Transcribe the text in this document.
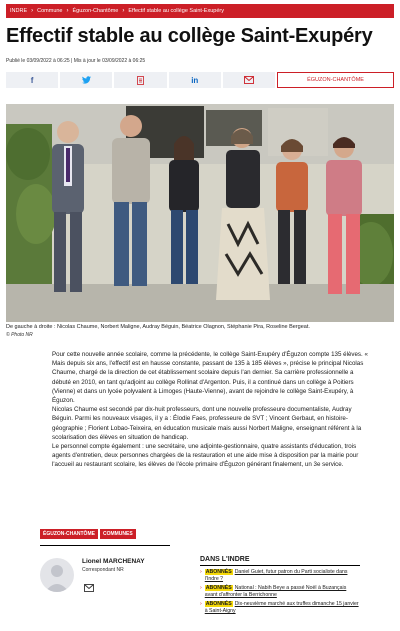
INDRE › Commune › Éguzon-Chantôme › Effectif stable au collège Saint-Exupéry
Effectif stable au collège Saint-Exupéry
Publié le 03/09/2022 à 06:25 | Mis à jour le 03/09/2022 à 06:25
f	in	ÉGUZON-CHANTÔME
De gauche à droite : Nicolas Chaume, Norbert Maligne, Audray Béguin, Béatrice Olagnon, Stéphanie Pira, Roseline Bergeat.
© Photo NR

Pour cette nouvelle année scolaire, comme la précédente, le collège Saint-Exupéry d'Éguzon compte 135 élèves. « Mais depuis six ans, l'effectif est en hausse constante, passant de 135 à 185 élèves », précise le principal Nicolas Chaume, chargé de la direction de cet établissement scolaire depuis l'an dernier. Sa carrière professionnelle a débuté en 2010, en tant qu'adjoint au collège Rollinat d'Argenton. Puis, il a continué dans un collège à Poitiers (Vienne) et dans un lycée polyvalent à Limoges (Haute-Vienne), avant de rejoindre le collège Saint-Exupéry, à Éguzon.

Nicolas Chaume est secondé par dix-huit professeurs, dont une nouvelle professeure documentaliste, Audray Béguin. Parmi les nouveaux visages, il y a : Élodie Faes, professeure de SVT ; Vincent Gerbaut, en histoire-géographie ; Florient Lobao-Teixeira, en éducation musicale mais aussi Norbert Maligne, enseignant référent à la scolarisation des élèves en situation de handicap.

Le personnel compte également : une secrétaire, une adjointe-gestionnaire, quatre assistants d'éducation, trois agents d'entretien, deux personnes chargées de la restauration et une aide mise à disposition par la mairie pour l'accueil au restaurant scolaire, les élèves de l'école primaire d'Éguzon générant finalement, un 3e service.

ÉGUZON-CHANTÔME	COMMUNES
Lionel MARCHENAY
Correspondant NR
DANS L'INDRE
› ABONNÉS Daniel Guiet, futur patron du Parti socialiste dans l'Indre ?
› ABONNÉS National : Nabih Beye a passé Noël à Buzançais avant d'affronter la Berrichonne
› ABONNÉS Dix-neuvième marché aux truffes dimanche 15 janvier à Saint-Aigny
